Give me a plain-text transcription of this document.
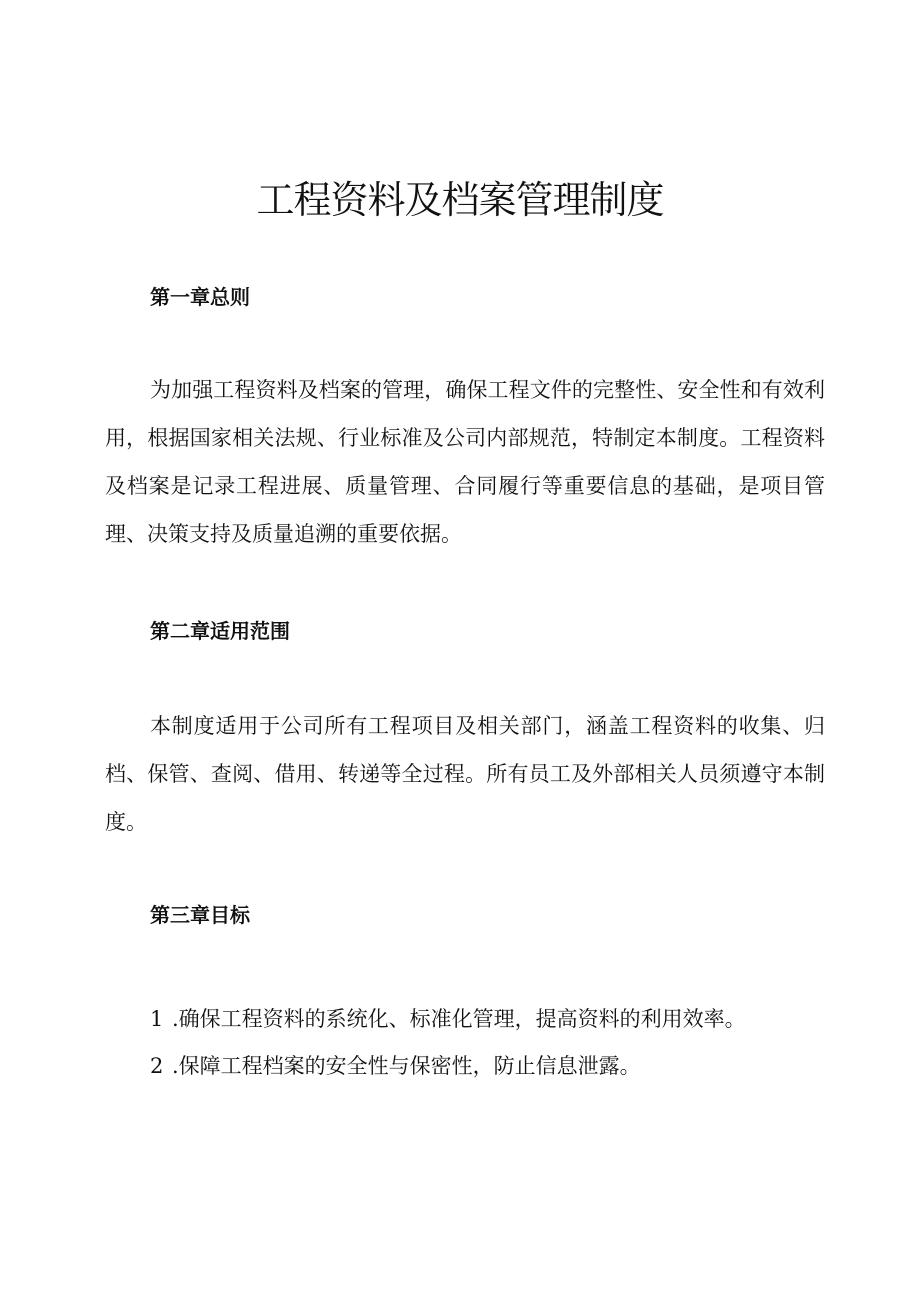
工程资料及档案管理制度
第一章总则

为加强工程资料及档案的管理，确保工程文件的完整性、安全性和有效利用，根据国家相关法规、行业标准及公司内部规范，特制定本制度。工程资料及档案是记录工程进展、质量管理、合同履行等重要信息的基础，是项目管理、决策支持及质量追溯的重要依据。

第二章适用范围

本制度适用于公司所有工程项目及相关部门，涵盖工程资料的收集、归档、保管、查阅、借用、转递等全过程。所有员工及外部相关人员须遵守本制度。

第三章目标

1 .确保工程资料的系统化、标准化管理，提高资料的利用效率。

2 .保障工程档案的安全性与保密性，防止信息泄露。
